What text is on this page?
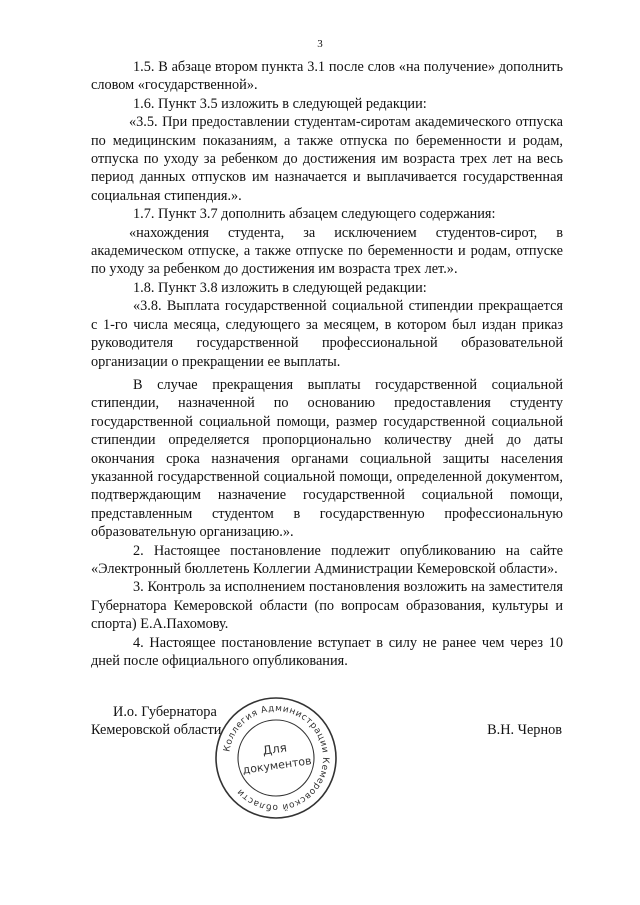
3

1.5. В абзаце втором пункта 3.1 после слов «на получение» дополнить словом «государственной».

1.6. Пункт 3.5 изложить в следующей редакции:

«3.5. При предоставлении студентам-сиротам академического отпуска по медицинским показаниям, а также отпуска по беременности и родам, отпуска по уходу за ребенком до достижения им возраста трех лет на весь период данных отпусков им назначается и выплачивается государственная социальная стипендия.».

1.7. Пункт 3.7 дополнить абзацем следующего содержания:

«нахождения студента, за исключением студентов-сирот, в академическом отпуске, а также отпуске по беременности и родам, отпуске по уходу за ребенком до достижения им возраста трех лет.».

1.8. Пункт 3.8 изложить в следующей редакции:

«3.8. Выплата государственной социальной стипендии прекращается с 1-го числа месяца, следующего за месяцем, в котором был издан приказ руководителя государственной профессиональной образовательной организации о прекращении ее выплаты.

В случае прекращения выплаты государственной социальной стипендии, назначенной по основанию предоставления студенту государственной социальной помощи, размер государственной социальной стипендии определяется пропорционально количеству дней до даты окончания срока назначения органами социальной защиты населения указанной государственной социальной помощи, определенной документом, подтверждающим назначение государственной социальной помощи, представленным студентом в государственную профессиональную образовательную организацию.».

2. Настоящее постановление подлежит опубликованию на сайте «Электронный бюллетень Коллегии Администрации Кемеровской области».

3. Контроль за исполнением постановления возложить на заместителя Губернатора Кемеровской области (по вопросам образования, культуры и спорта) Е.А.Пахомову.

4. Настоящее постановление вступает в силу не ранее чем через 10 дней после официального опубликования.

И.о. Губернатора
Кемеровской области	В.Н. Чернов
Коллегия Администрации Кемеровской области
Для
документов
